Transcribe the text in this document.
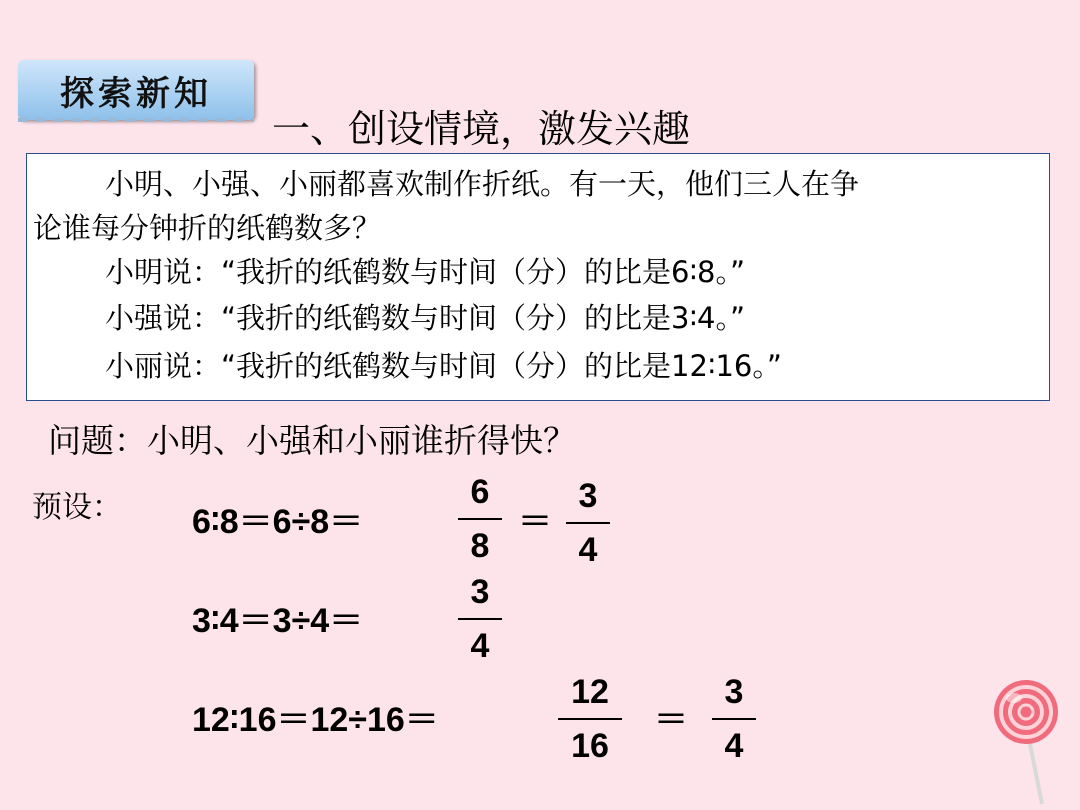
探索新知
一、创设情境，激发兴趣
小明、小强、小丽都喜欢制作折纸。有一天，他们三人在争
论谁每分钟折的纸鹤数多？
小明说：“我折的纸鹤数与时间（分）的比是6∶8。”
小强说：“我折的纸鹤数与时间（分）的比是3∶4。”
小丽说：“我折的纸鹤数与时间（分）的比是12∶16。”
问题：小明、小强和小丽谁折得快？
预设： 6∶8＝6÷8＝
6
8
＝
3
4
3∶4＝3÷4＝
3
4
12∶16＝12÷16＝
12
16
＝
3
4
